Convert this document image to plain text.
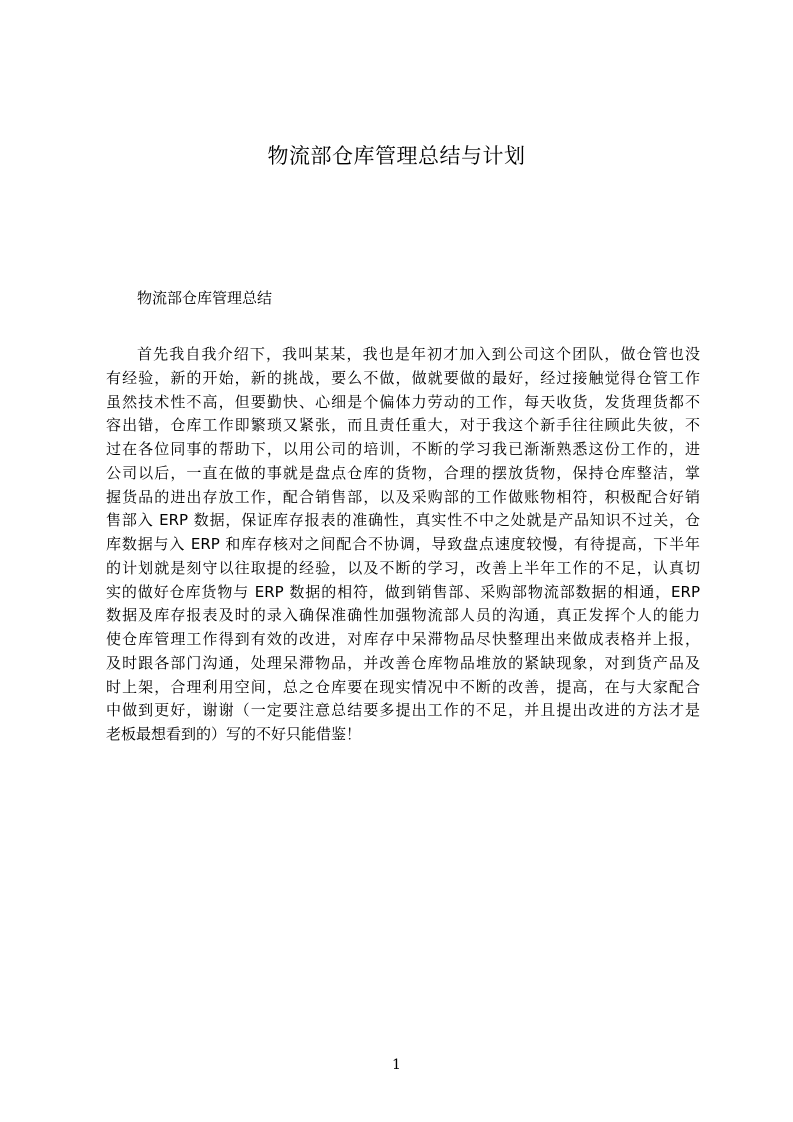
物流部仓库管理总结与计划

物流部仓库管理总结

首先我自我介绍下，我叫某某，我也是年初才加入到公司这个团队，做仓管也没
有经验，新的开始，新的挑战，要么不做，做就要做的最好，经过接触觉得仓管工作
虽然技术性不高，但要勤快、心细是个偏体力劳动的工作，每天收货，发货理货都不
容出错，仓库工作即繁琐又紧张，而且责任重大，对于我这个新手往往顾此失彼，不
过在各位同事的帮助下，以用公司的培训，不断的学习我已渐渐熟悉这份工作的，进
公司以后，一直在做的事就是盘点仓库的货物，合理的摆放货物，保持仓库整洁，掌
握货品的进出存放工作，配合销售部，以及采购部的工作做账物相符，积极配合好销
售部入 ERP 数据，保证库存报表的准确性，真实性不中之处就是产品知识不过关，仓
库数据与入 ERP 和库存核对之间配合不协调，导致盘点速度较慢，有待提高，下半年
的计划就是刻守以往取提的经验，以及不断的学习，改善上半年工作的不足，认真切
实的做好仓库货物与 ERP 数据的相符，做到销售部、采购部物流部数据的相通，ERP
数据及库存报表及时的录入确保准确性加强物流部人员的沟通，真正发挥个人的能力
使仓库管理工作得到有效的改进，对库存中呆滞物品尽快整理出来做成表格并上报，
及时跟各部门沟通，处理呆滞物品，并改善仓库物品堆放的紧缺现象，对到货产品及
时上架，合理利用空间，总之仓库要在现实情况中不断的改善，提高，在与大家配合
中做到更好，谢谢（一定要注意总结要多提出工作的不足，并且提出改进的方法才是
老板最想看到的）写的不好只能借鉴！
1
